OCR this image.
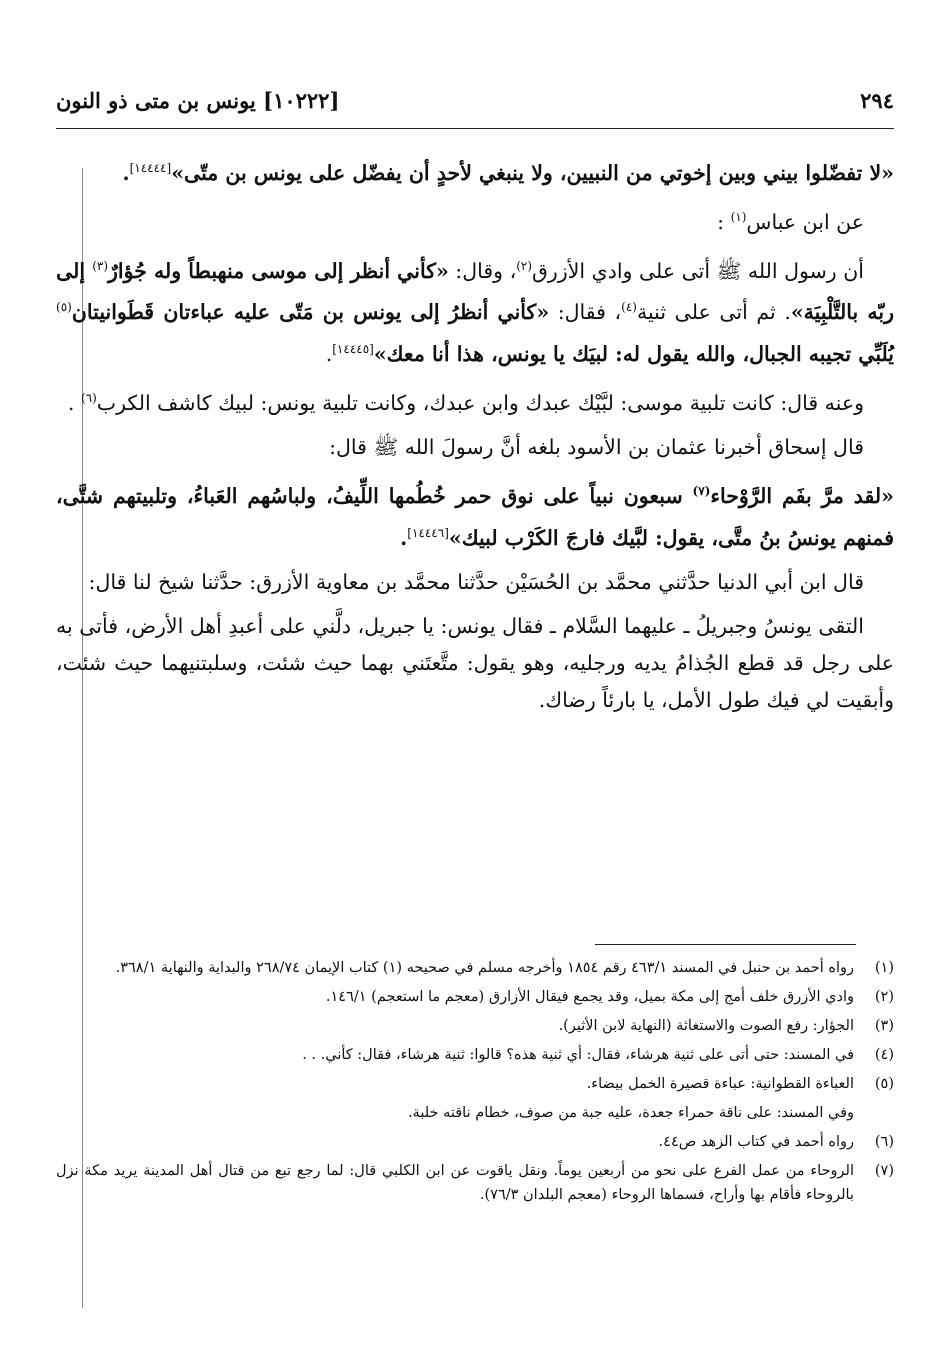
٢٩٤
[١٠٢٢٢] يونس بن متى ذو النون

«لا تفضّلوا بيني وبين إخوتي من النبيين، ولا ينبغي لأحدٍ أن يفضّل على يونس بن متّى»[١٤٤٤٤].

عن ابن عباس$^{(١)}$ :

أن رسول الله ﷺ أتى على وادي الأزرق$^{(٢)}$، وقال: «كأني أنظر إلى موسى منهبطاً وله جُؤارٌ$^{(٣)}$ إلى ربّه بالتَّلْبِيَة». ثم أتى على ثنية$^{(٤)}$، فقال: «كأني أنظرُ إلى يونس بن مَتّى عليه عباءتان قَطَوانيتان$^{(٥)}$ يُلَبِّي تجيبه الجبال، والله يقول له: لبيَك يا يونس، هذا أنا معك»[١٤٤٤٥].

وعنه قال: كانت تلبية موسى: لبَّيْك عبدك وابن عبدك، وكانت تلبية يونس: لبيك كاشف الكرب$^{(٦)}$ .

قال إسحاق أخبرنا عثمان بن الأسود بلغه أنَّ رسولَ الله ﷺ قال:

«لقد مرَّ بفَم الرَّوْحاء$^{(٧)}$ سبعون نبياً على نوق حمر خُطُمها اللِّيفُ، ولباسُهم العَباءُ، وتلبيتهم شتَّى، فمنهم يونسُ بنُ متَّى، يقول: لبَّيك فارجَ الكَرْب لبيك»[١٤٤٤٦].

قال ابن أبي الدنيا حدَّثني محمَّد بن الحُسَيْن حدَّثنا محمَّد بن معاوية الأزرق: حدَّثنا شيخ لنا قال:

التقى يونسُ وجبريلُ ـ عليهما السَّلام ـ فقال يونس: يا جبريل، دلَّني على أعبدِ أهل الأرض، فأتى به على رجل قد قطع الجُذامُ يديه ورجليه، وهو يقول: متَّعتَني بهما حيث شئت، وسلبتنيهما حيث شئت، وأبقيت لي فيك طول الأمل، يا بارئاً رضاك.

(١)
رواه أحمد بن حنبل في المسند ٤٦٣/١ رقم ١٨٥٤ وأخرجه مسلم في صحيحه (١) كتاب الإيمان ٢٦٨/٧٤ والبداية والنهاية ٣٦٨/١.

(٢)
وادي الأزرق خلف أمج إلى مكة بميل، وقد يجمع فيقال الأزارق (معجم ما استعجم) ١٤٦/١.

(٣)
الجؤار: رفع الصوت والاستغاثة (النهاية لابن الأثير).

(٤)
في المسند: حتى أتى على ثنية هرشاء، فقال: أي ثنية هذه؟ قالوا: ثنية هرشاء، فقال: كأني. . .

(٥)
العباءة القطوانية: عباءة قصيرة الخمل بيضاء.

وفي المسند: على ناقة حمراء جعدة، عليه جبة من صوف، خطام ناقته خلبة.

(٦)
رواه أحمد في كتاب الزهد ص٤٤.

(٧)
الروحاء من عمل الفرع على نحو من أربعين يوماً. ونقل ياقوت عن ابن الكلبي قال: لما رجع تبع من قتال أهل المدينة يريد مكة نزل بالروحاء فأقام بها وأراح، فسماها الروحاء (معجم البلدان ٧٦/٣).
